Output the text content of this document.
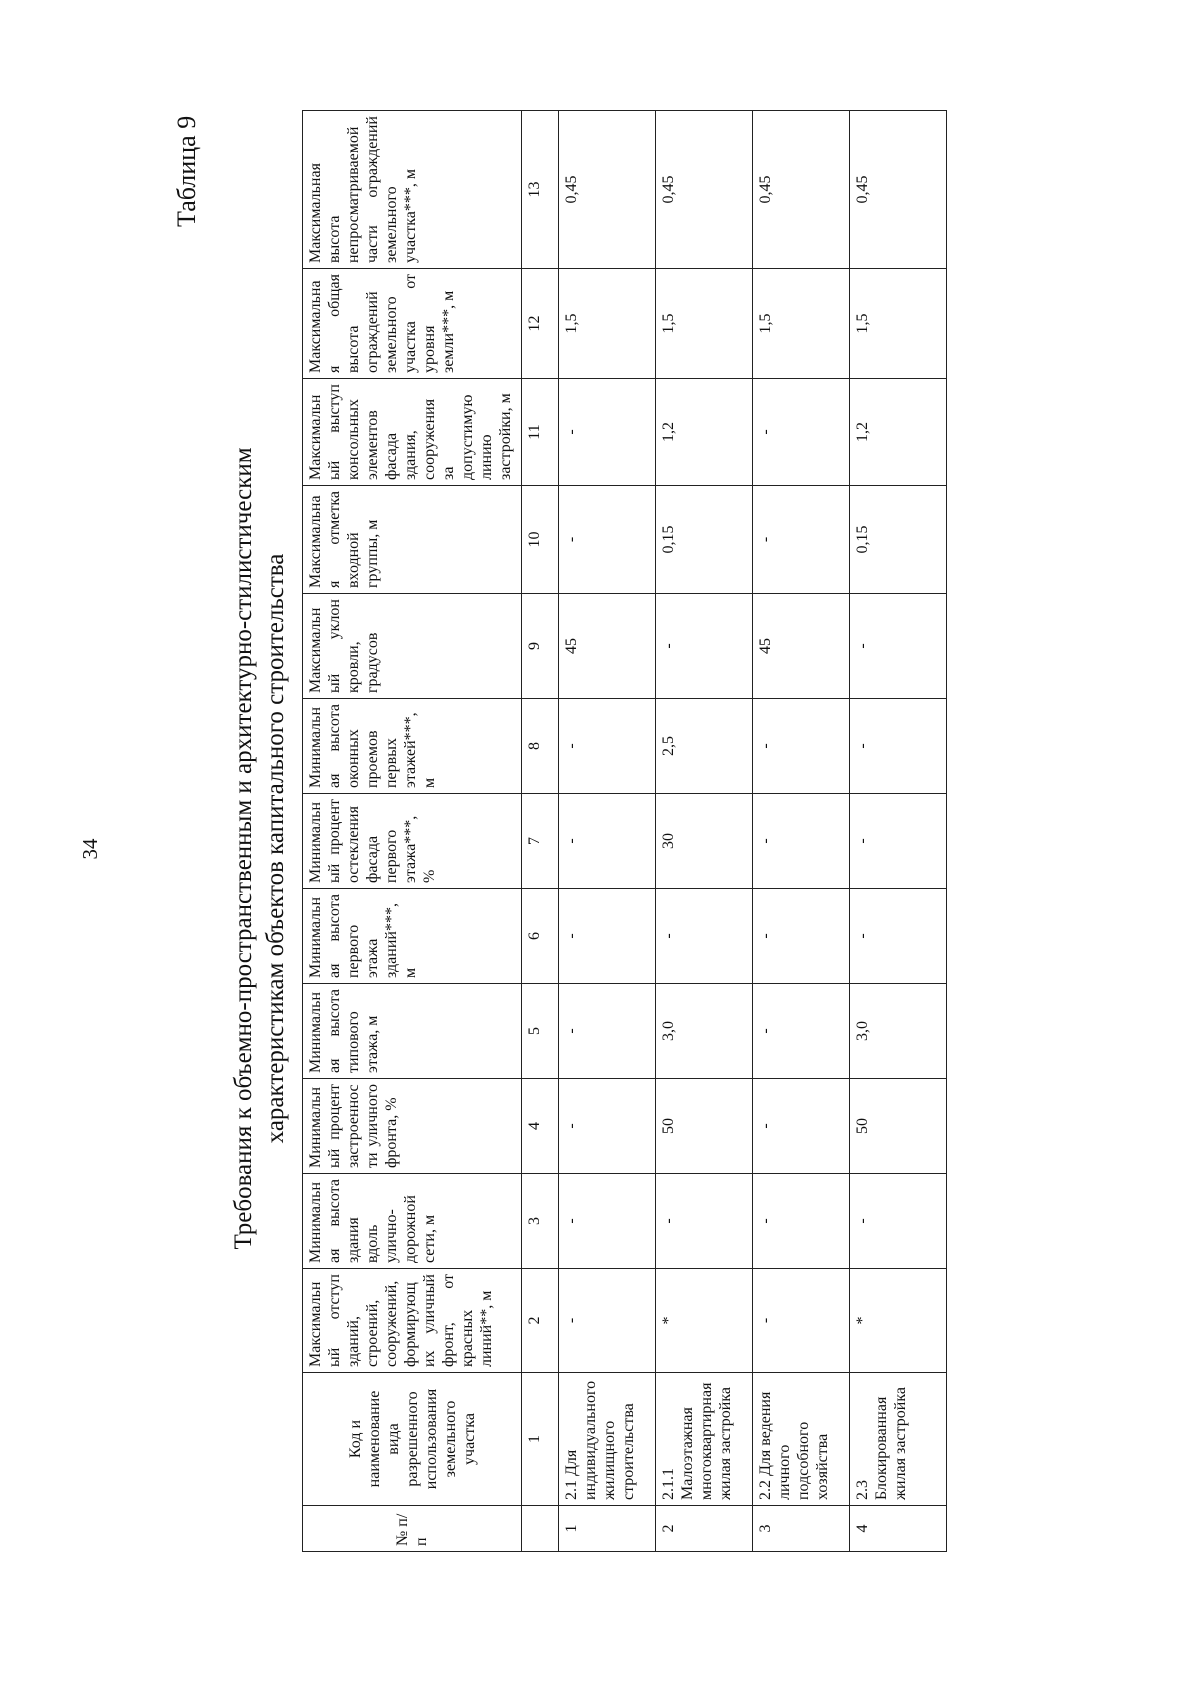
34
Таблица 9
Требования к объемно-пространственным и архитектурно-стилистическим характеристикам объектов капитального строительства
№ п/п	Код и наименование вида разрешенного использования земельного участка	Максимальный отступ зданий, строений, сооружений, формирующих уличный фронт, от красных линий**, м	Минимальная высота здания вдоль улично-дорожной сети, м	Минимальный процент застроенности уличного фронта, %	Минимальная высота типового этажа, м	Минимальная высота первого этажа зданий***, м	Минимальный процент остекления фасада первого этажа***, %	Минимальная высота оконных проемов первых этажей***, м	Максимальный уклон кровли, градусов	Максимальная отметка входной группы, м	Максимальный выступ консольных элементов фасада здания, сооружения за допустимую линию застройки, м	Максимальная общая высота ограждений земельного участка от уровня земли***, м	Максимальная высота непросматриваемой части ограждений земельного участка***, м
	1	2	3	4	5	6	7	8	9	10	11	12	13
1	2.1 Для индивидуального жилищного строительства	-	-	-	-	-	-	-	45	-	-	1,5	0,45
2	2.1.1 Малоэтажная многоквартирная жилая застройка	*	-	50	3,0	-	30	2,5	-	0,15	1,2	1,5	0,45
3	2.2 Для ведения личного подсобного хозяйства	-	-	-	-	-	-	-	45	-	-	1,5	0,45
4	2.3 Блокированная жилая застройка	*	-	50	3,0	-	-	-	-	0,15	1,2	1,5	0,45
